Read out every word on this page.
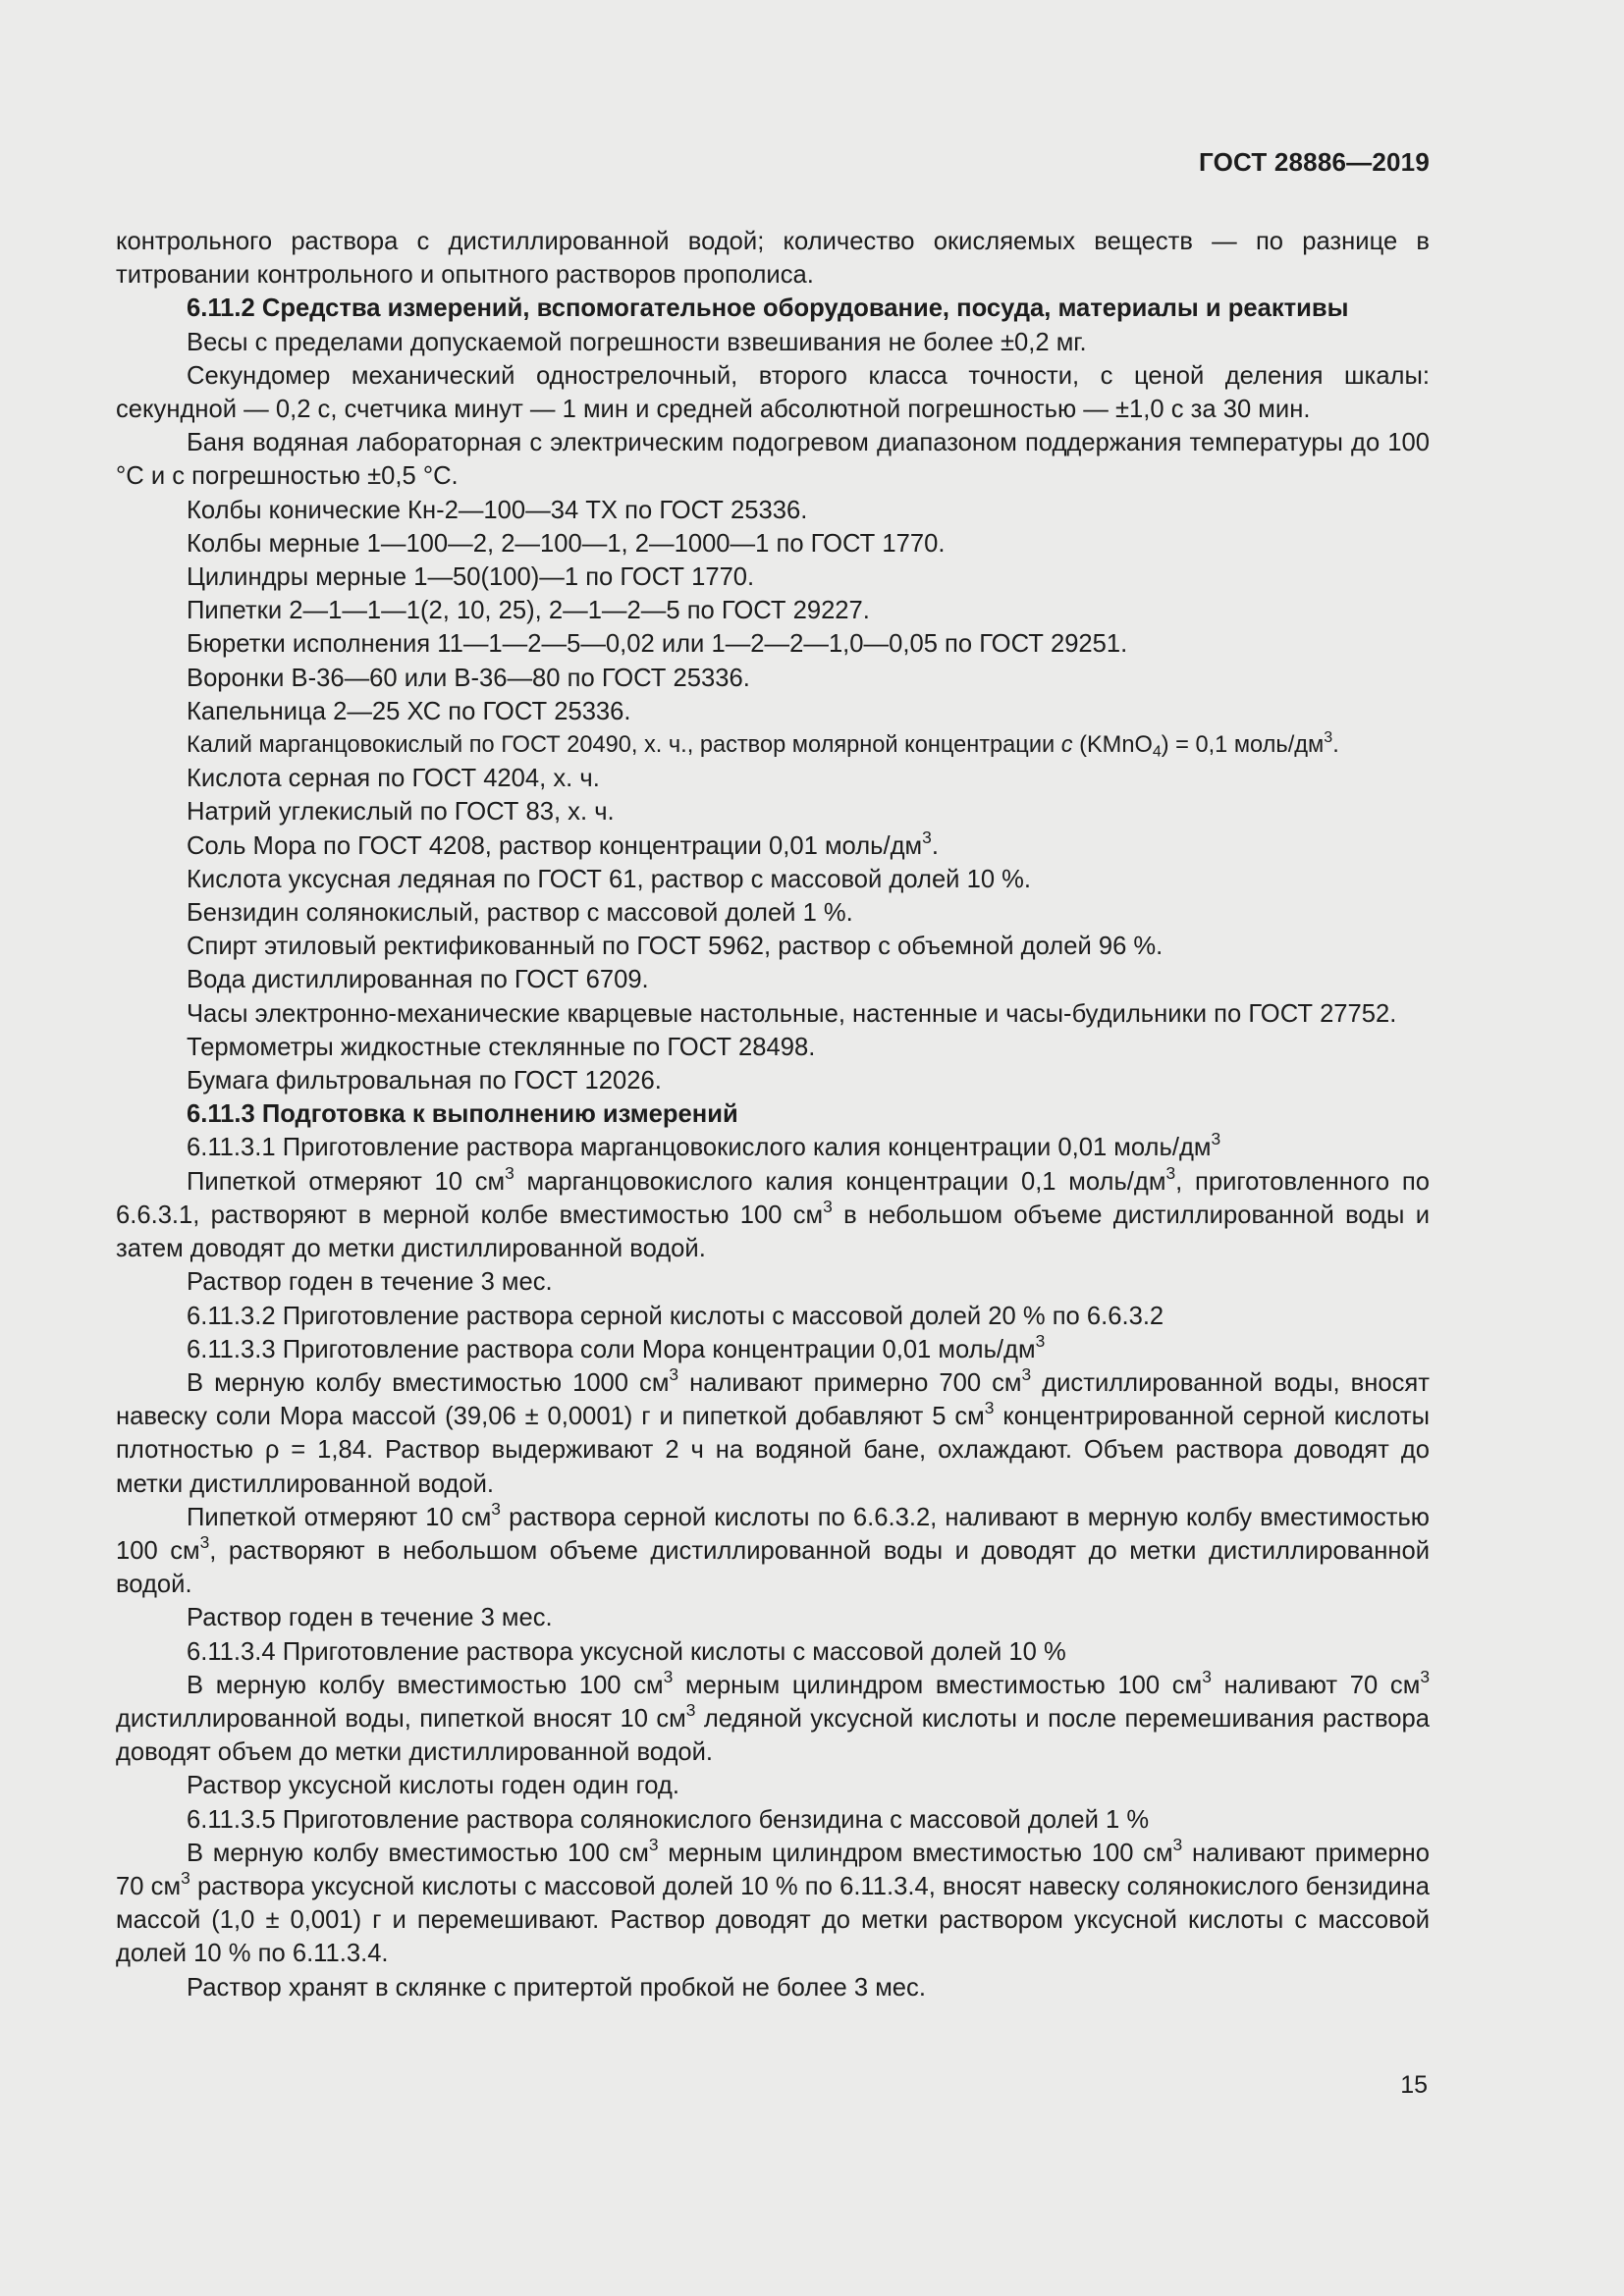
ГОСТ 28886—2019

контрольного раствора с дистиллированной водой; количество окисляемых веществ — по разнице в титровании контрольного и опытного растворов прополиса.

6.11.2 Средства измерений, вспомогательное оборудование, посуда, материалы и реактивы

Весы с пределами допускаемой погрешности взвешивания не более ±0,2 мг.

Секундомер механический однострелочный, второго класса точности, с ценой деления шкалы: секундной — 0,2 с, счетчика минут — 1 мин и средней абсолютной погрешностью — ±1,0 с за 30 мин.

Баня водяная лабораторная с электрическим подогревом диапазоном поддержания температуры до 100 °С и с погрешностью ±0,5 °С.

Колбы конические Кн-2—100—34 ТХ по ГОСТ 25336.

Колбы мерные 1—100—2, 2—100—1, 2—1000—1 по ГОСТ 1770.

Цилиндры мерные 1—50(100)—1 по ГОСТ 1770.

Пипетки 2—1—1—1(2, 10, 25), 2—1—2—5 по ГОСТ 29227.

Бюретки исполнения 11—1—2—5—0,02 или 1—2—2—1,0—0,05 по ГОСТ 29251.

Воронки В-36—60 или В-36—80 по ГОСТ 25336.

Капельница 2—25 ХС по ГОСТ 25336.

Калий марганцовокислый по ГОСТ 20490, х. ч., раствор молярной концентрации c (KMnO$_4$) = 0,1 моль/$дм^3$.

Кислота серная по ГОСТ 4204, х. ч.

Натрий углекислый по ГОСТ 83, х. ч.

Соль Мора по ГОСТ 4208, раствор концентрации 0,01 моль/$дм^3$.

Кислота уксусная ледяная по ГОСТ 61, раствор с массовой долей 10 %.

Бензидин солянокислый, раствор с массовой долей 1 %.

Спирт этиловый ректификованный по ГОСТ 5962, раствор с объемной долей 96 %.

Вода дистиллированная по ГОСТ 6709.

Часы электронно-механические кварцевые настольные, настенные и часы-будильники по ГОСТ 27752.

Термометры жидкостные стеклянные по ГОСТ 28498.

Бумага фильтровальная по ГОСТ 12026.

6.11.3 Подготовка к выполнению измерений

6.11.3.1 Приготовление раствора марганцовокислого калия концентрации 0,01 моль/$дм^3$

Пипеткой отмеряют 10 $см^3$ марганцовокислого калия концентрации 0,1 моль/$дм^3$, приготовленного по 6.6.3.1, растворяют в мерной колбе вместимостью 100 $см^3$ в небольшом объеме дистиллированной воды и затем доводят до метки дистиллированной водой.

Раствор годен в течение 3 мес.

6.11.3.2 Приготовление раствора серной кислоты с массовой долей 20 % по 6.6.3.2

6.11.3.3 Приготовление раствора соли Мора концентрации 0,01 моль/$дм^3$

В мерную колбу вместимостью 1000 $см^3$ наливают примерно 700 $см^3$ дистиллированной воды, вносят навеску соли Мора массой (39,06 ± 0,0001) г и пипеткой добавляют 5 $см^3$ концентрированной серной кислоты плотностью ρ = 1,84. Раствор выдерживают 2 ч на водяной бане, охлаждают. Объем раствора доводят до метки дистиллированной водой.

Пипеткой отмеряют 10 $см^3$ раствора серной кислоты по 6.6.3.2, наливают в мерную колбу вместимостью 100 $см^3$, растворяют в небольшом объеме дистиллированной воды и доводят до метки дистиллированной водой.

Раствор годен в течение 3 мес.

6.11.3.4 Приготовление раствора уксусной кислоты с массовой долей 10 %

В мерную колбу вместимостью 100 $см^3$ мерным цилиндром вместимостью 100 $см^3$ наливают 70 $см^3$ дистиллированной воды, пипеткой вносят 10 $см^3$ ледяной уксусной кислоты и после перемешивания раствора доводят объем до метки дистиллированной водой.

Раствор уксусной кислоты годен один год.

6.11.3.5 Приготовление раствора солянокислого бензидина с массовой долей 1 %

В мерную колбу вместимостью 100 $см^3$ мерным цилиндром вместимостью 100 $см^3$ наливают примерно 70 $см^3$ раствора уксусной кислоты с массовой долей 10 % по 6.11.3.4, вносят навеску солянокислого бензидина массой (1,0 ± 0,001) г и перемешивают. Раствор доводят до метки раствором уксусной кислоты с массовой долей 10 % по 6.11.3.4.

Раствор хранят в склянке с притертой пробкой не более 3 мес.

15
